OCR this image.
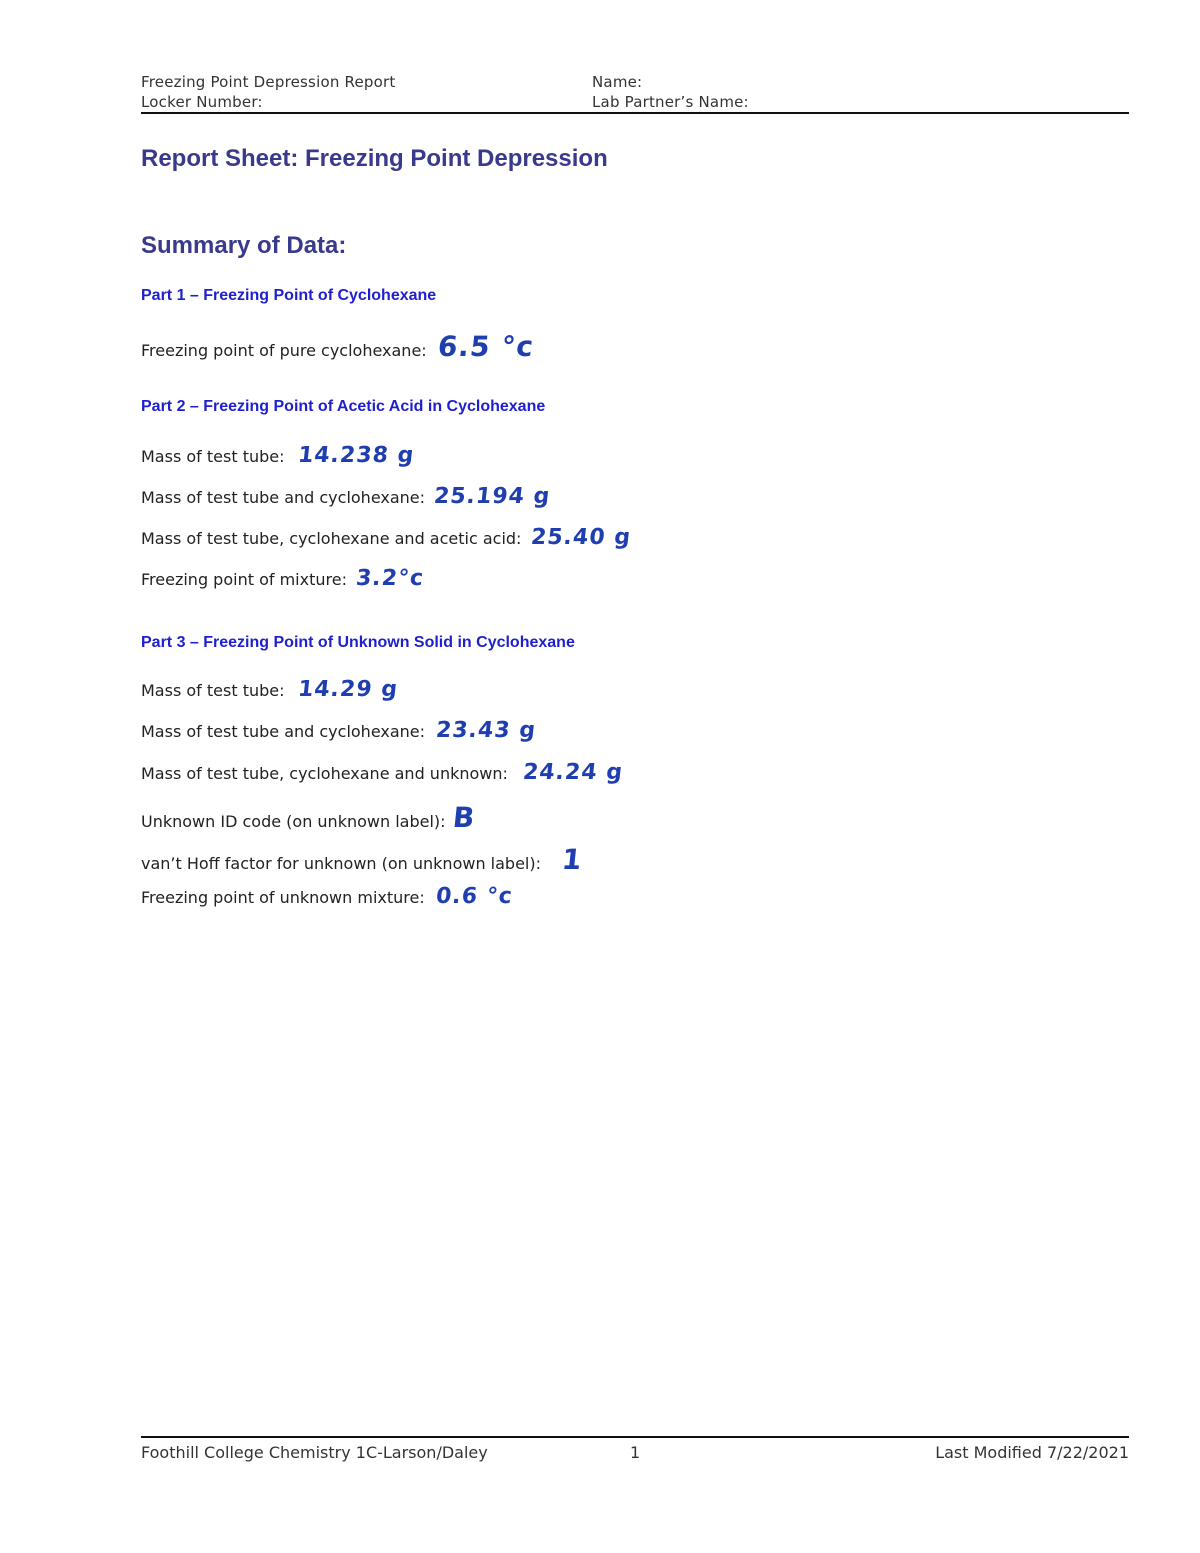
Freezing Point Depression Report
Locker Number:
Name:
Lab Partner’s Name:
Report Sheet: Freezing Point Depression
Summary of Data:
Part 1 – Freezing Point of Cyclohexane
Freezing point of pure cyclohexane: 6.5 °c
Part 2 – Freezing Point of Acetic Acid in Cyclohexane
Mass of test tube: 14.238 g
Mass of test tube and cyclohexane: 25.194 g
Mass of test tube, cyclohexane and acetic acid: 25.40 g
Freezing point of mixture: 3.2°c
Part 3 – Freezing Point of Unknown Solid in Cyclohexane
Mass of test tube: 14.29 g
Mass of test tube and cyclohexane: 23.43 g
Mass of test tube, cyclohexane and unknown: 24.24 g
Unknown ID code (on unknown label): B
van’t Hoff factor for unknown (on unknown label): 1
Freezing point of unknown mixture: 0.6 °c
Foothill College Chemistry 1C-Larson/Daley	1	Last Modified 7/22/2021
